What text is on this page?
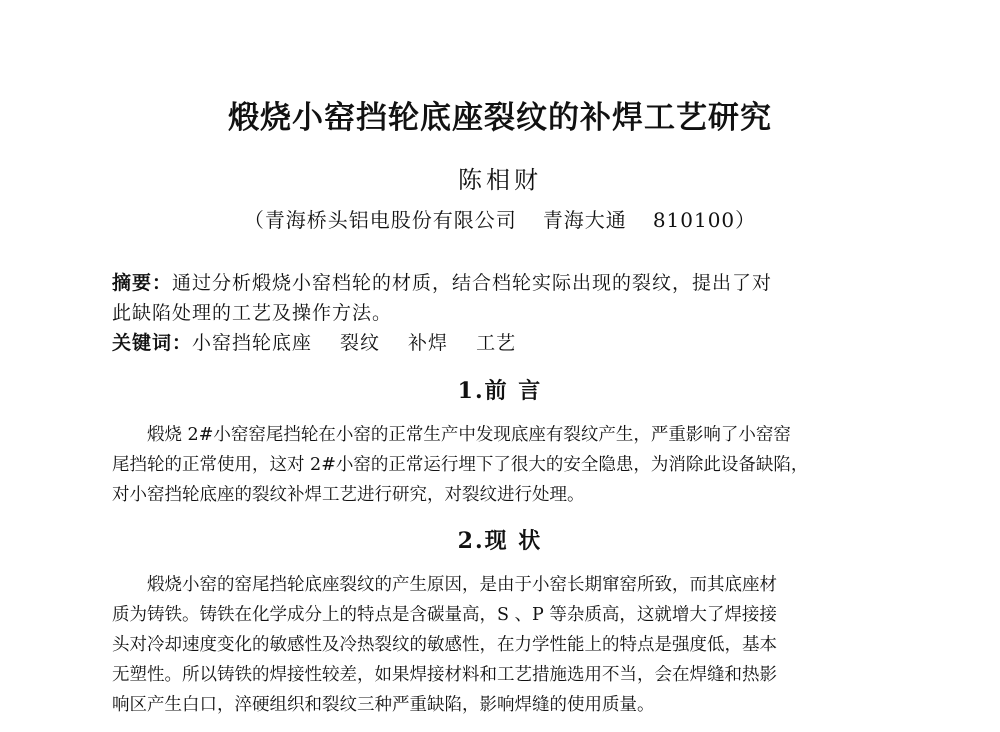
煅烧小窑挡轮底座裂纹的补焊工艺研究
陈相财
（青海桥头铝电股份有限公司 青海大通 810100）
摘要：通过分析煅烧小窑档轮的材质，结合档轮实际出现的裂纹，提出了对
此缺陷处理的工艺及操作方法。
关键词：小窑挡轮底座 裂纹 补焊 工艺
1.前 言
　　煅烧 2#小窑窑尾挡轮在小窑的正常生产中发现底座有裂纹产生，严重影响了小窑窑
尾挡轮的正常使用，这对 2#小窑的正常运行埋下了很大的安全隐患，为消除此设备缺陷，
对小窑挡轮底座的裂纹补焊工艺进行研究，对裂纹进行处理。
2.现 状
　　煅烧小窑的窑尾挡轮底座裂纹的产生原因，是由于小窑长期窜窑所致，而其底座材
质为铸铁。铸铁在化学成分上的特点是含碳量高，S 、P 等杂质高，这就增大了焊接接
头对冷却速度变化的敏感性及冷热裂纹的敏感性，在力学性能上的特点是强度低，基本
无塑性。所以铸铁的焊接性较差，如果焊接材料和工艺措施选用不当，会在焊缝和热影
响区产生白口，淬硬组织和裂纹三种严重缺陷，影响焊缝的使用质量。
